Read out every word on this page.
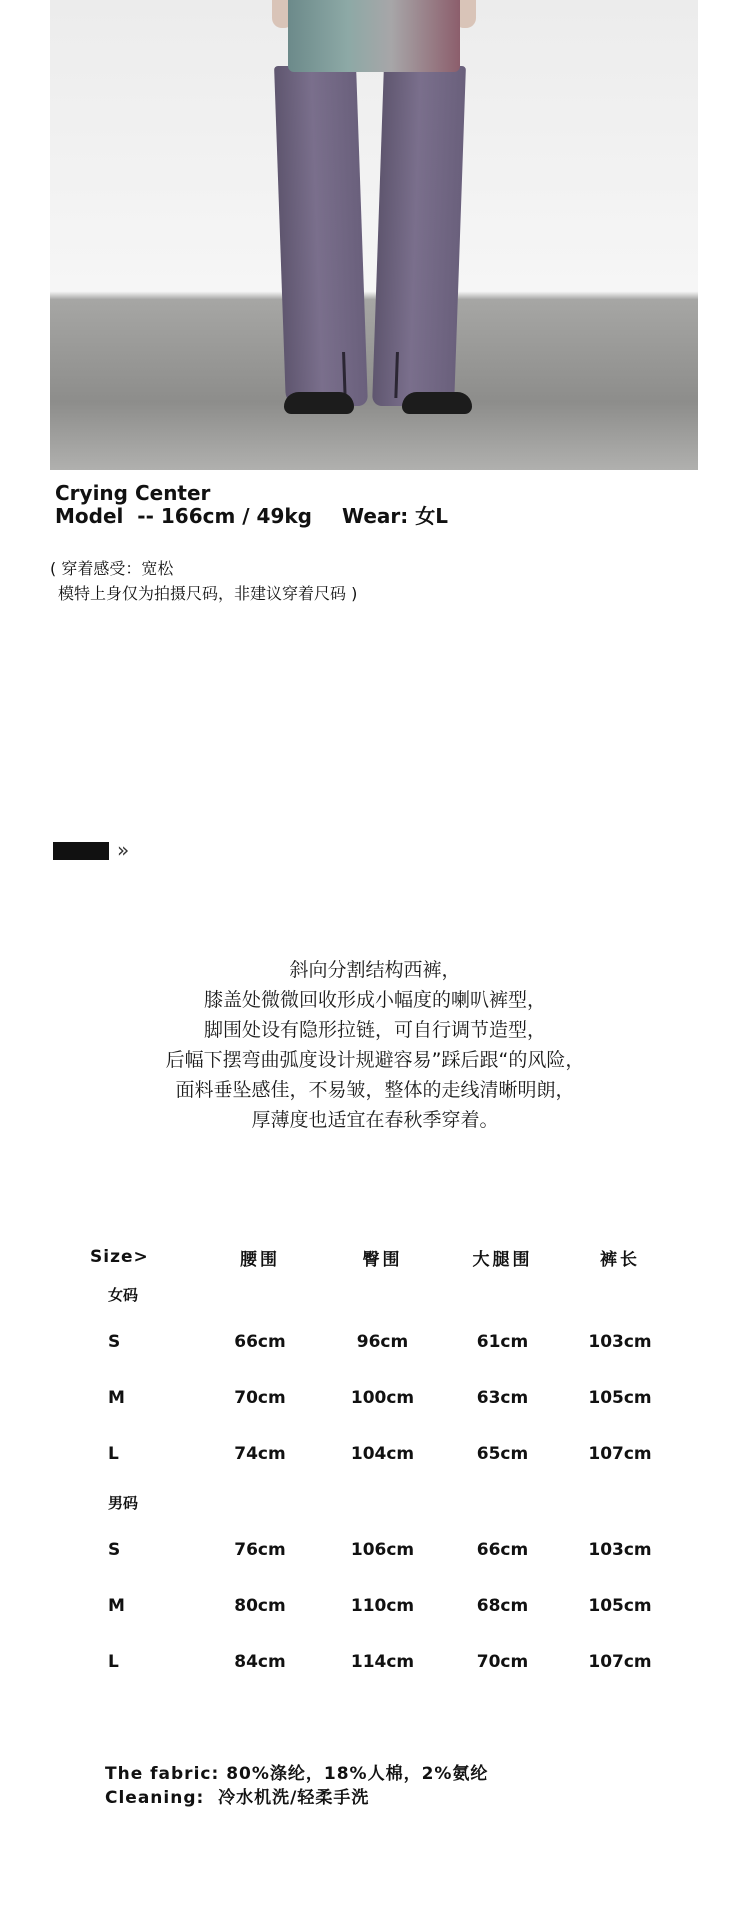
Crying Center
Model  -- 166cm / 49kg Wear: 女L
( 穿着感受：宽松
模特上身仅为拍摄尺码，非建议穿着尺码 )
»
斜向分割结构西裤，
膝盖处微微回收形成小幅度的喇叭裤型，
脚围处设有隐形拉链，可自行调节造型，
后幅下摆弯曲弧度设计规避容易”踩后跟“的风险，
面料垂坠感佳，不易皱，整体的走线清晰明朗，
厚薄度也适宜在春秋季穿着。
Size>	腰围	臀围	大腿围	裤长
女码				
S	66cm	96cm	61cm	103cm
M	70cm	100cm	63cm	105cm
L	74cm	104cm	65cm	107cm
男码				
S	76cm	106cm	66cm	103cm
M	80cm	110cm	68cm	105cm
L	84cm	114cm	70cm	107cm
The fabric: 80%涤纶，18%人棉，2%氨纶
Cleaning:  冷水机洗/轻柔手洗
